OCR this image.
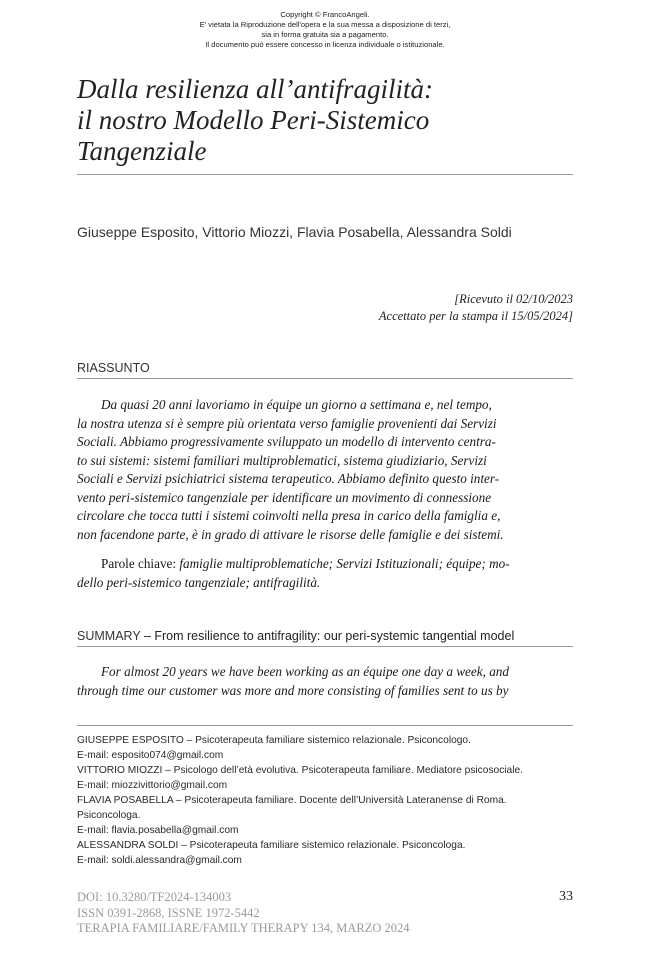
Copyright © FrancoAngeli.
E' vietata la Riproduzione dell'opera e la sua messa a disposizione di terzi,
sia in forma gratuita sia a pagamento.
Il documento può essere concesso in licenza individuale o istituzionale.
Dalla resilienza all’antifragilità:
il nostro Modello Peri-Sistemico
Tangenziale
Giuseppe Esposito, Vittorio Miozzi, Flavia Posabella, Alessandra Soldi
[Ricevuto il 02/10/2023
Accettato per la stampa il 15/05/2024]
RIASSUNTO
Da quasi 20 anni lavoriamo in équipe un giorno a settimana e, nel tempo,
la nostra utenza si è sempre più orientata verso famiglie provenienti dai Servizi
Sociali. Abbiamo progressivamente sviluppato un modello di intervento centra-
to sui sistemi: sistemi familiari multiproblematici, sistema giudiziario, Servizi
Sociali e Servizi psichiatrici sistema terapeutico. Abbiamo definito questo inter-
vento peri-sistemico tangenziale per identificare un movimento di connessione
circolare che tocca tutti i sistemi coinvolti nella presa in carico della famiglia e,
non facendone parte, è in grado di attivare le risorse delle famiglie e dei sistemi.
Parole chiave: famiglie multiproblematiche; Servizi Istituzionali; équipe; mo-
dello peri-sistemico tangenziale; antifragilità.
SUMMARY – From resilience to antifragility: our peri-systemic tangential model
For almost 20 years we have been working as an équipe one day a week, and
through time our customer was more and more consisting of families sent to us by
GIUSEPPE ESPOSITO – Psicoterapeuta familiare sistemico relazionale. Psiconcologo.
E-mail: esposito074@gmail.com
VITTORIO MIOZZI – Psicologo dell’età evolutiva. Psicoterapeuta familiare. Mediatore psicosociale.
E-mail: miozzivittorio@gmail.com
FLAVIA POSABELLA – Psicoterapeuta familiare. Docente dell’Università Lateranense di Roma.
Psiconcologa.
E-mail: flavia.posabella@gmail.com
ALESSANDRA SOLDI – Psicoterapeuta familiare sistemico relazionale. Psiconcologa.
E-mail: soldi.alessandra@gmail.com
DOI: 10.3280/TF2024-134003
ISSN 0391-2868, ISSNE 1972-5442
TERAPIA FAMILIARE/FAMILY THERAPY 134, MARZO 2024
33
